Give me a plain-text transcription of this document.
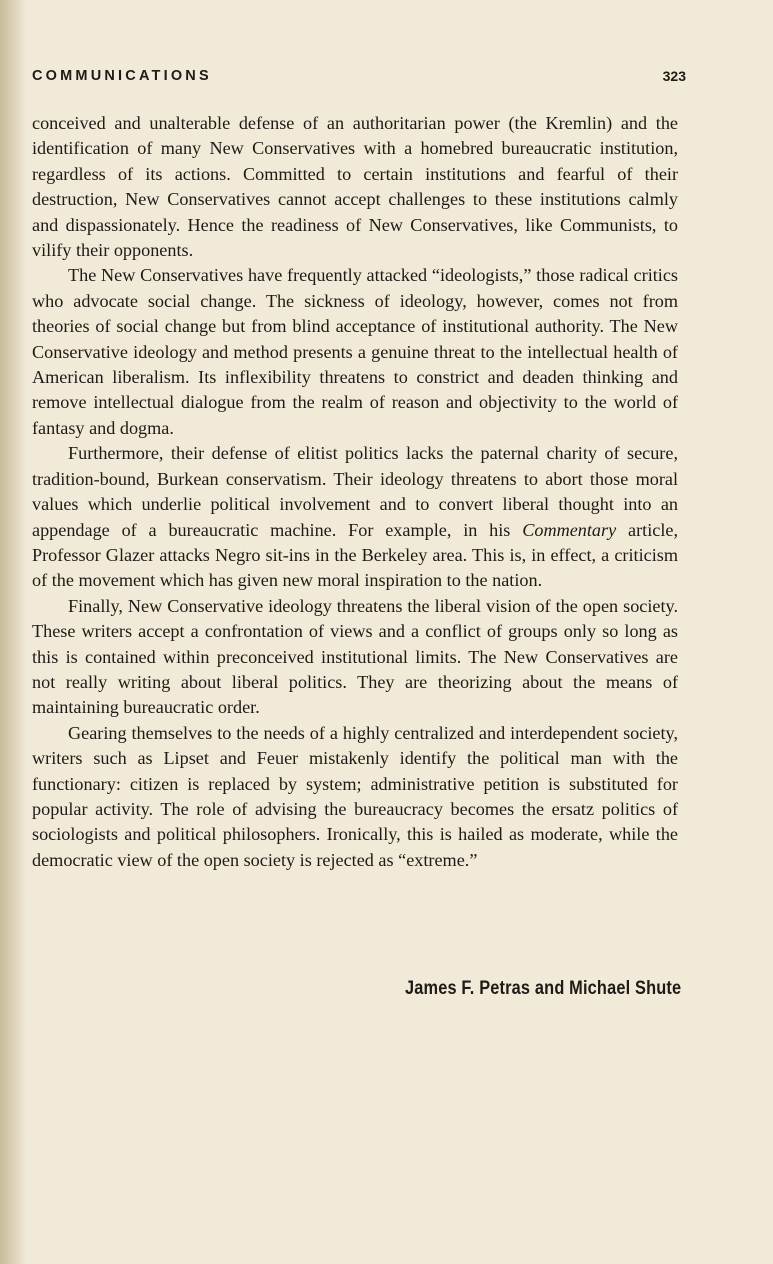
COMMUNICATIONS	323

conceived and unalterable defense of an authoritarian power (the Kremlin) and the identification of many New Conservatives with a homebred bureaucratic institution, regardless of its actions. Committed to certain institutions and fearful of their destruction, New Conservatives cannot accept challenges to these institutions calmly and dispassionately. Hence the readiness of New Conservatives, like Communists, to vilify their opponents.

The New Conservatives have frequently attacked “ideologists,” those radical critics who advocate social change. The sickness of ideology, however, comes not from theories of social change but from blind acceptance of institutional authority. The New Conservative ideology and method presents a genuine threat to the intellectual health of American liberalism. Its inflexibility threatens to constrict and deaden thinking and remove intellectual dialogue from the realm of reason and objectivity to the world of fantasy and dogma.

Furthermore, their defense of elitist politics lacks the paternal charity of secure, tradition-bound, Burkean conservatism. Their ideology threatens to abort those moral values which underlie political involvement and to convert liberal thought into an appendage of a bureaucratic machine. For example, in his Commentary article, Professor Glazer attacks Negro sit-ins in the Berkeley area. This is, in effect, a criticism of the movement which has given new moral inspiration to the nation.

Finally, New Conservative ideology threatens the liberal vision of the open society. These writers accept a confrontation of views and a conflict of groups only so long as this is contained within preconceived institutional limits. The New Conservatives are not really writing about liberal politics. They are theorizing about the means of maintaining bureaucratic order.

Gearing themselves to the needs of a highly centralized and interdependent society, writers such as Lipset and Feuer mistakenly identify the political man with the functionary: citizen is replaced by system; administrative petition is substituted for popular activity. The role of advising the bureaucracy becomes the ersatz politics of sociologists and political philosophers. Ironically, this is hailed as moderate, while the democratic view of the open society is rejected as “extreme.”

James F. Petras and Michael Shute
